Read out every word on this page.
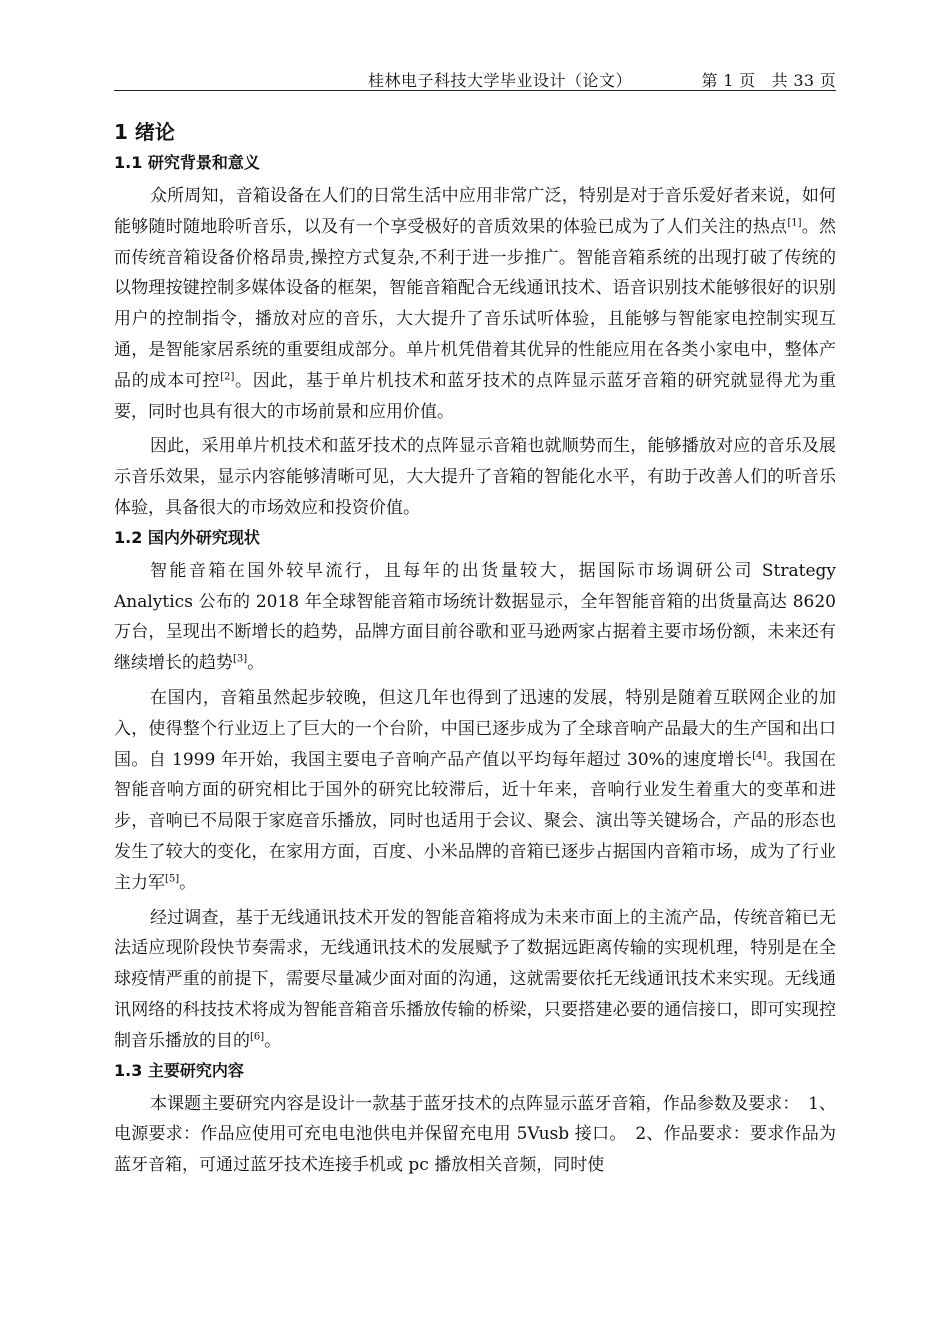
桂林电子科技大学毕业设计（论文）	第 1 页　共 33 页
1 绪论
1.1 研究背景和意义

众所周知，音箱设备在人们的日常生活中应用非常广泛，特别是对于音乐爱好者来说，如何能够随时随地聆听音乐，以及有一个享受极好的音质效果的体验已成为了人们关注的热点[1]。然而传统音箱设备价格昂贵,操控方式复杂,不利于进一步推广。智能音箱系统的出现打破了传统的以物理按键控制多媒体设备的框架，智能音箱配合无线通讯技术、语音识别技术能够很好的识别用户的控制指令，播放对应的音乐，大大提升了音乐试听体验，且能够与智能家电控制实现互通，是智能家居系统的重要组成部分。单片机凭借着其优异的性能应用在各类小家电中，整体产品的成本可控[2]。因此，基于单片机技术和蓝牙技术的点阵显示蓝牙音箱的研究就显得尤为重要，同时也具有很大的市场前景和应用价值。

因此，采用单片机技术和蓝牙技术的点阵显示音箱也就顺势而生，能够播放对应的音乐及展示音乐效果，显示内容能够清晰可见，大大提升了音箱的智能化水平，有助于改善人们的听音乐体验，具备很大的市场效应和投资价值。

1.2 国内外研究现状

智能音箱在国外较早流行，且每年的出货量较大，据国际市场调研公司 Strategy Analytics 公布的 2018 年全球智能音箱市场统计数据显示，全年智能音箱的出货量高达 8620 万台，呈现出不断增长的趋势，品牌方面目前谷歌和亚马逊两家占据着主要市场份额，未来还有继续增长的趋势[3]。

在国内，音箱虽然起步较晚，但这几年也得到了迅速的发展，特别是随着互联网企业的加入，使得整个行业迈上了巨大的一个台阶，中国已逐步成为了全球音响产品最大的生产国和出口国。自 1999 年开始，我国主要电子音响产品产值以平均每年超过 30%的速度增长[4]。我国在智能音响方面的研究相比于国外的研究比较滞后，近十年来，音响行业发生着重大的变革和进步，音响已不局限于家庭音乐播放，同时也适用于会议、聚会、演出等关键场合，产品的形态也发生了较大的变化，在家用方面，百度、小米品牌的音箱已逐步占据国内音箱市场，成为了行业主力军[5]。

经过调查，基于无线通讯技术开发的智能音箱将成为未来市面上的主流产品，传统音箱已无法适应现阶段快节奏需求，无线通讯技术的发展赋予了数据远距离传输的实现机理，特别是在全球疫情严重的前提下，需要尽量减少面对面的沟通，这就需要依托无线通讯技术来实现。无线通讯网络的科技技术将成为智能音箱音乐播放传输的桥梁，只要搭建必要的通信接口，即可实现控制音乐播放的目的[6]。

1.3 主要研究内容

本课题主要研究内容是设计一款基于蓝牙技术的点阵显示蓝牙音箱，作品参数及要求：　1、电源要求：作品应使用可充电电池供电并保留充电用 5Vusb 接口。　2、作品要求：要求作品为蓝牙音箱，可通过蓝牙技术连接手机或 pc 播放相关音频，同时使
